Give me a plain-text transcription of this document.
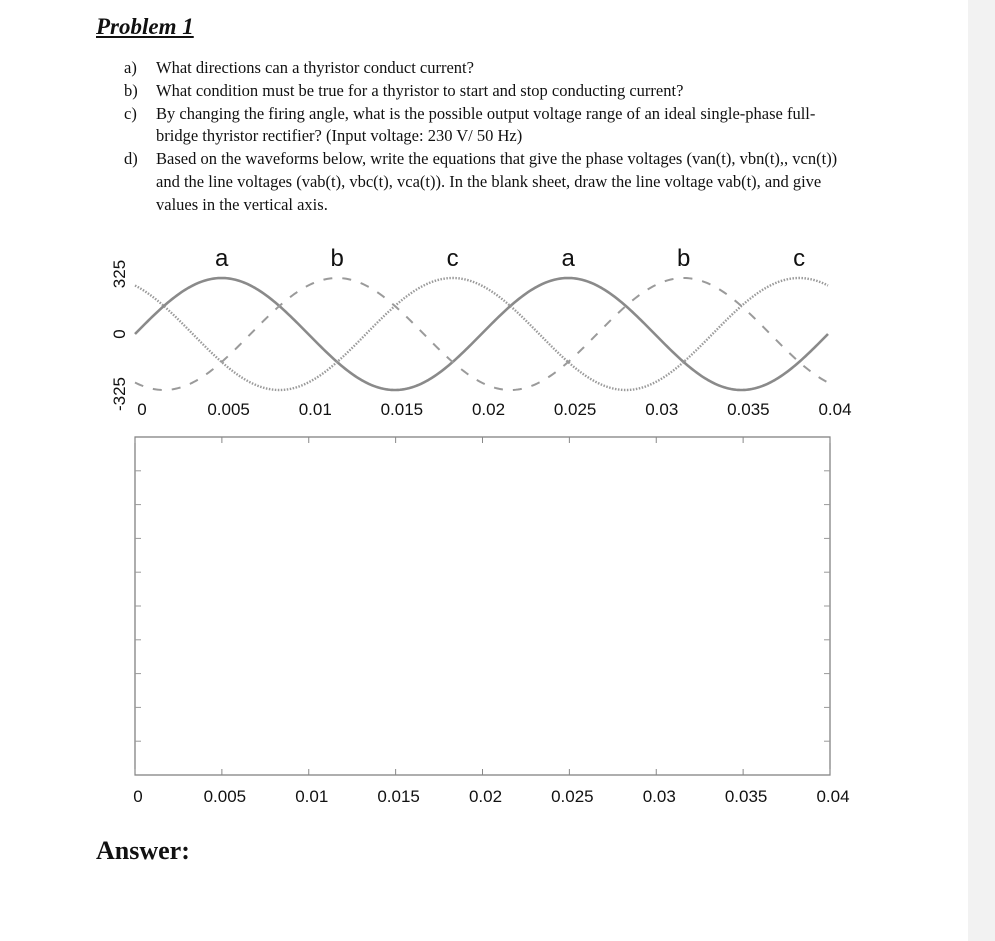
Problem 1
a)	What directions can a thyristor conduct current?
b)	What condition must be true for a thyristor to start and stop conducting current?
c)	By changing the firing angle, what is the possible output voltage range of an ideal single-phase full-bridge thyristor rectifier? (Input voltage: 230 V/ 50 Hz)
d)	Based on the waveforms below, write the equations that give the phase voltages (van(t), vbn(t),, vcn(t)) and the line voltages (vab(t), vbc(t), vca(t)). In the blank sheet, draw the line voltage vab(t), and give values in the vertical axis.
a	b	c	a	b	c
0	0.005	0.01	0.015	0.02	0.025	0.03	0.035	0.04
-325
0
325
0	0.005	0.01	0.015	0.02	0.025	0.03	0.035	0.04
Answer:
